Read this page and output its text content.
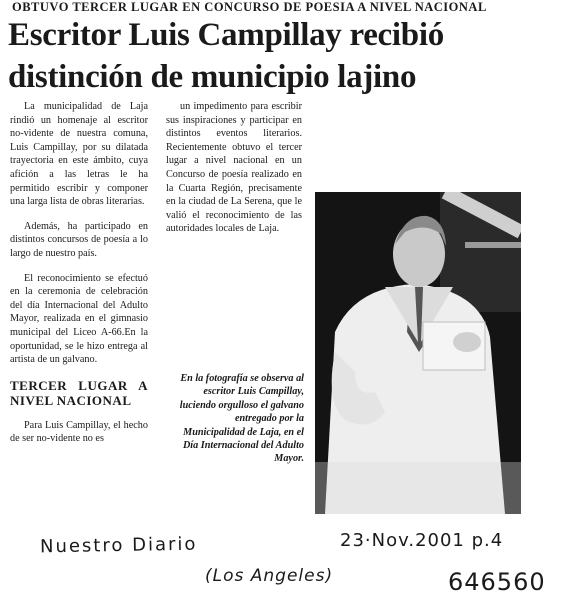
OBTUVO TERCER LUGAR EN CONCURSO DE POESIA A NIVEL NACIONAL
Escritor Luis Campillay recibió
distinción de municipio lajino

La municipalidad de Laja rindió un homenaje al escritor no-vidente de nuestra comuna, Luis Campillay, por su dilatada trayectoria en este ámbito, cuya afición a las letras le ha permitido escribir y componer una larga lista de obras literarias.

Además, ha participado en distintos concursos de poesía a lo largo de nuestro país.

El reconocimiento se efectuó en la ceremonia de celebración del día Internacional del Adulto Mayor, realizada en el gimnasio municipal del Liceo A-66.En la oportunidad, se le hizo entrega al artista de un galvano.

TERCER LUGAR A NIVEL NACIONAL

Para Luis Campillay, el hecho de ser no-vidente no es

un impedimento para escribir sus inspiraciones y participar en distintos eventos literarios. Recientemente obtuvo el tercer lugar a nivel nacional en un Concurso de poesía realizado en la Cuarta Región, precisamente en la ciudad de La Serena, que le valió el reconocimiento de las autoridades locales de Laja.

En la fotografía se observa al escritor Luis Campillay, luciendo orgulloso el galvano entregado por la Municipalidad de Laja, en el Día Internacional del Adulto Mayor.
Nuestro Diario	23·Nov.2001 p.4
(Los Angeles)	646560
